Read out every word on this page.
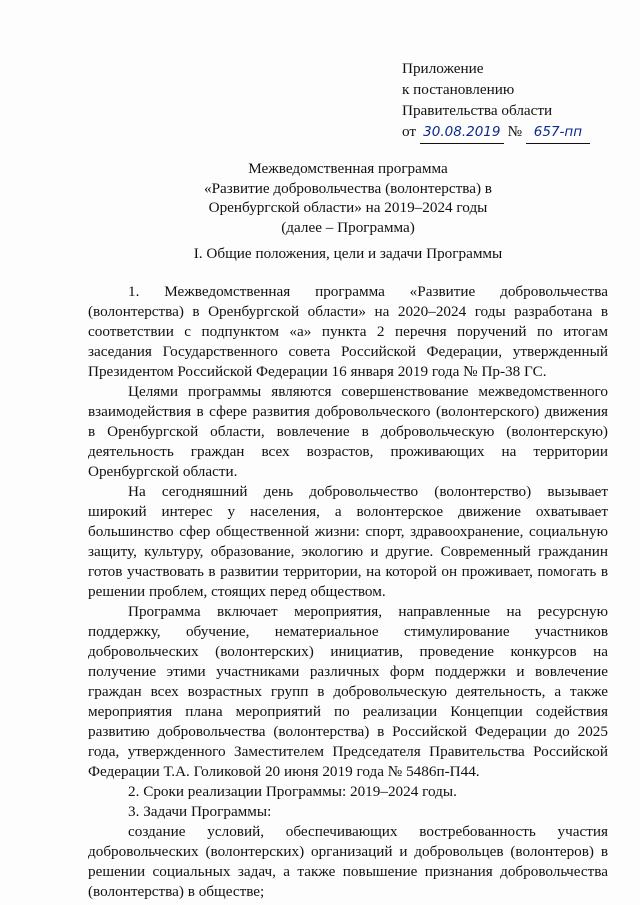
Приложение
к постановлению
Правительства области
от 30.08.2019 № 657-пп
Межведомственная программа
«Развитие добровольчества (волонтерства) в
Оренбургской области» на 2019–2024 годы
(далее – Программа)
I. Общие положения, цели и задачи Программы

1. Межведомственная программа «Развитие добровольчества (волонтерства) в Оренбургской области» на 2020–2024 годы разработана в соответствии с подпунктом «а» пункта 2 перечня поручений по итогам заседания Государственного совета Российской Федерации, утвержденный Президентом Российской Федерации 16 января 2019 года № Пр-38 ГС.

Целями программы являются совершенствование межведомственного взаимодействия в сфере развития добровольческого (волонтерского) движения в Оренбургской области, вовлечение в добровольческую (волонтерскую) деятельность граждан всех возрастов, проживающих на территории Оренбургской области.

На сегодняшний день добровольчество (волонтерство) вызывает широкий интерес у населения, а волонтерское движение охватывает большинство сфер общественной жизни: спорт, здравоохранение, социальную защиту, культуру, образование, экологию и другие. Современный гражданин готов участвовать в развитии территории, на которой он проживает, помогать в решении проблем, стоящих перед обществом.

Программа включает мероприятия, направленные на ресурсную поддержку, обучение, нематериальное стимулирование участников добровольческих (волонтерских) инициатив, проведение конкурсов на получение этими участниками различных форм поддержки и вовлечение граждан всех возрастных групп в добровольческую деятельность, а также мероприятия плана мероприятий по реализации Концепции содействия развитию добровольчества (волонтерства) в Российской Федерации до 2025 года, утвержденного Заместителем Председателя Правительства Российской Федерации Т.А. Голиковой 20 июня 2019 года № 5486п-П44.

2. Сроки реализации Программы: 2019–2024 годы.

3. Задачи Программы:

создание условий, обеспечивающих востребованность участия добровольческих (волонтерских) организаций и добровольцев (волонтеров) в решении социальных задач, а также повышение признания добровольчества (волонтерства) в обществе;
